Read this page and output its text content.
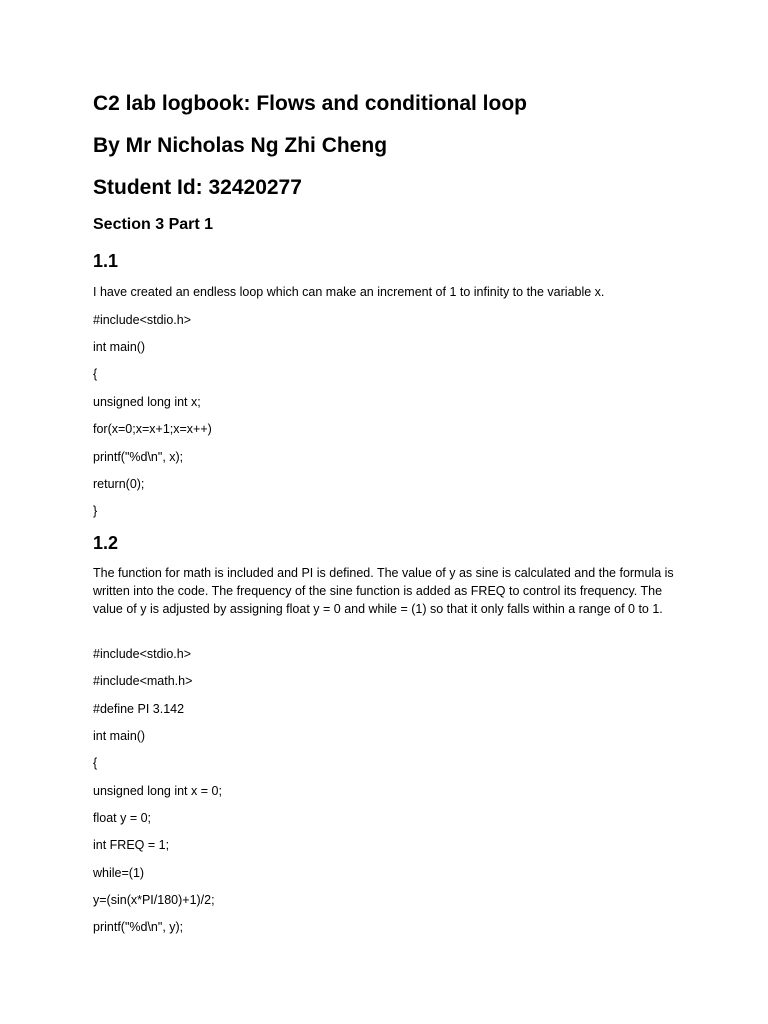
C2 lab logbook: Flows and conditional loop
By Mr Nicholas Ng Zhi Cheng
Student Id: 32420277
Section 3 Part 1
1.1

I have created an endless loop which can make an increment of 1 to infinity to the variable x.

#include<stdio.h>

int main()

{

unsigned long int x;

for(x=0;x=x+1;x=x++)

printf("%d\n", x);

return(0);

}

1.2

The function for math is included and PI is defined. The value of y as sine is calculated and the formula is written into the code. The frequency of the sine function is added as FREQ to control its frequency. The value of y is adjusted by assigning float y = 0 and while = (1) so that it only falls within a range of 0 to 1.

#include<stdio.h>

#include<math.h>

#define PI 3.142

int main()

{

unsigned long int x = 0;

float y = 0;

int FREQ = 1;

while=(1)

y=(sin(x*PI/180)+1)/2;

printf("%d\n", y);
